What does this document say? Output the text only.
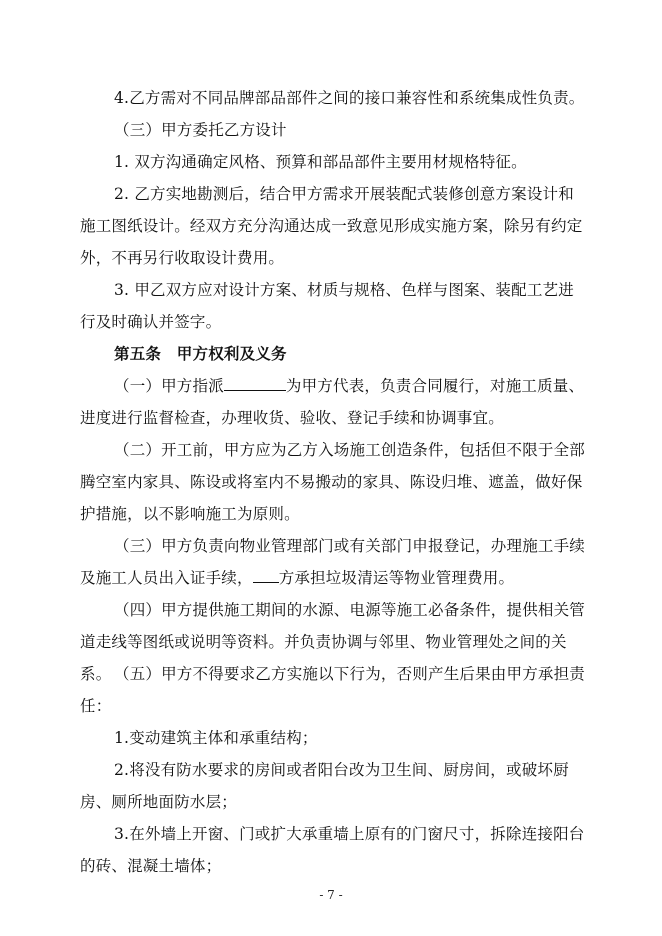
4.乙方需对不同品牌部品部件之间的接口兼容性和系统集成性负责。
（三）甲方委托乙方设计
1. 双方沟通确定风格、预算和部品部件主要用材规格特征。
2. 乙方实地勘测后，结合甲方需求开展装配式装修创意方案设计和施工图纸设计。经双方充分沟通达成一致意见形成实施方案，除另有约定外，不再另行收取设计费用。
3. 甲乙双方应对设计方案、材质与规格、色样与图案、装配工艺进行及时确认并签字。
第五条　甲方权利及义务
（一）甲方指派	为甲方代表，负责合同履行，对施工质量、进度进行监督检查，办理收货、验收、登记手续和协调事宜。
（二）开工前，甲方应为乙方入场施工创造条件，包括但不限于全部腾空室内家具、陈设或将室内不易搬动的家具、陈设归堆、遮盖，做好保护措施，以不影响施工为原则。
（三）甲方负责向物业管理部门或有关部门申报登记，办理施工手续及施工人员出入证手续， 方承担垃圾清运等物业管理费用。
（四）甲方提供施工期间的水源、电源等施工必备条件，提供相关管道走线等图纸或说明等资料。并负责协调与邻里、物业管理处之间的关系。 （五）甲方不得要求乙方实施以下行为，否则产生后果由甲方承担责任：
1.变动建筑主体和承重结构；
2.将没有防水要求的房间或者阳台改为卫生间、厨房间，或破坏厨房、厕所地面防水层；
3.在外墙上开窗、门或扩大承重墙上原有的门窗尺寸，拆除连接阳台的砖、混凝土墙体；
- 7 -
